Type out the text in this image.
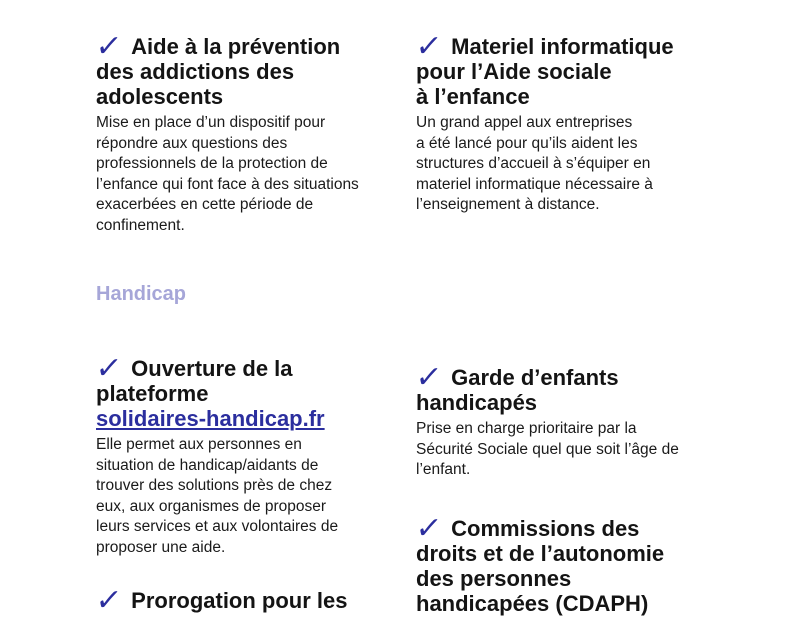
✓ Aide à la prévention
des addictions des
adolescents

Mise en place d’un dispositif pour
répondre aux questions des
professionnels de la protection de
l’enfance qui font face à des situations
exacerbées en cette période de
confinement.

✓ Materiel informatique
pour l’Aide sociale
à l’enfance

Un grand appel aux entreprises
a été lancé pour qu’ils aident les
structures d’accueil à s’équiper en
materiel informatique nécessaire à
l’enseignement à distance.

Handicap
✓ Ouverture de la
plateforme
solidaires-handicap.fr

Elle permet aux personnes en
situation de handicap/aidants de
trouver des solutions près de chez
eux, aux organismes de proposer
leurs services et aux volontaires de
proposer une aide.

✓ Garde d’enfants
handicapés

Prise en charge prioritaire par la
Sécurité Sociale quel que soit l’âge de
l’enfant.

✓ Commissions des
droits et de l’autonomie
des personnes
handicapées (CDAPH)
✓ Prorogation pour les
